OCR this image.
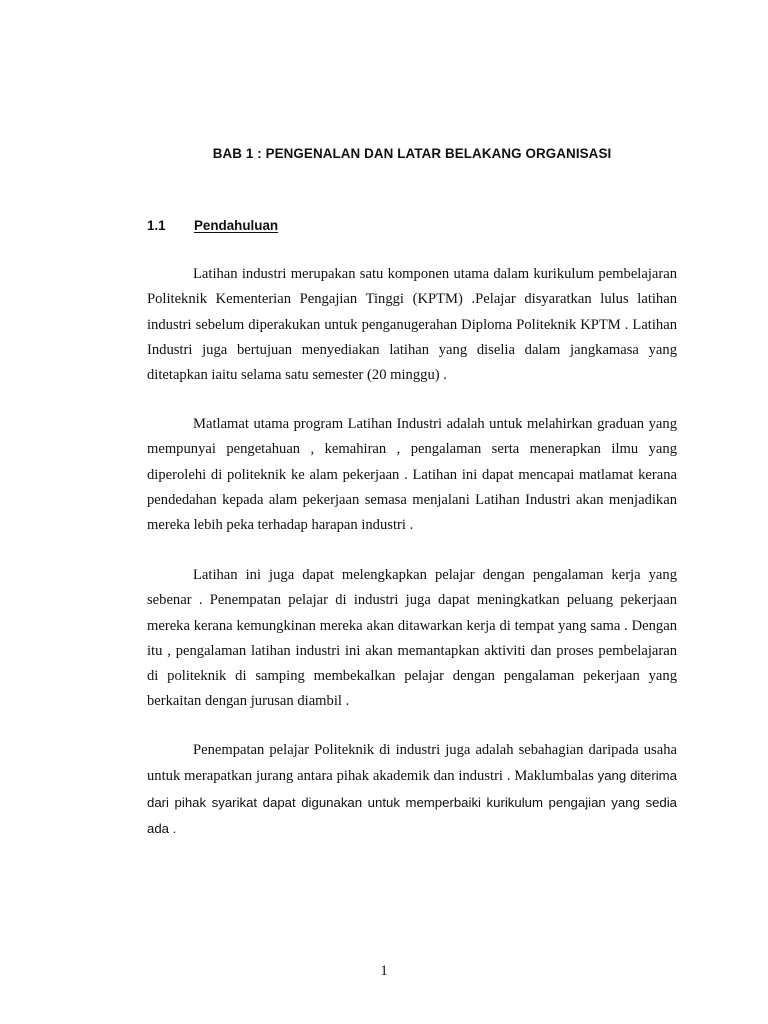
BAB 1 : PENGENALAN DAN LATAR BELAKANG ORGANISASI
1.1	Pendahuluan

Latihan industri merupakan satu komponen utama dalam kurikulum pembelajaran Politeknik Kementerian Pengajian Tinggi (KPTM) .Pelajar disyaratkan lulus latihan industri sebelum diperakukan untuk penganugerahan Diploma Politeknik KPTM . Latihan Industri juga bertujuan menyediakan latihan yang diselia dalam jangkamasa yang ditetapkan iaitu selama satu semester (20 minggu) .

Matlamat utama program Latihan Industri adalah untuk melahirkan graduan yang mempunyai pengetahuan , kemahiran , pengalaman serta menerapkan ilmu yang diperolehi di politeknik ke alam pekerjaan . Latihan ini dapat mencapai matlamat kerana pendedahan kepada alam pekerjaan semasa menjalani Latihan Industri akan menjadikan mereka lebih peka terhadap harapan industri .

Latihan ini juga dapat melengkapkan pelajar dengan pengalaman kerja yang sebenar . Penempatan pelajar di industri juga dapat meningkatkan peluang pekerjaan mereka kerana kemungkinan mereka akan ditawarkan kerja di tempat yang sama . Dengan itu , pengalaman latihan industri ini akan memantapkan aktiviti dan proses pembelajaran di politeknik di samping membekalkan pelajar dengan pengalaman pekerjaan yang berkaitan dengan jurusan diambil .

Penempatan pelajar Politeknik di industri juga adalah sebahagian daripada usaha untuk merapatkan jurang antara pihak akademik dan industri . Maklumbalas yang diterima dari pihak syarikat dapat digunakan untuk memperbaiki kurikulum pengajian yang sedia ada .

1
